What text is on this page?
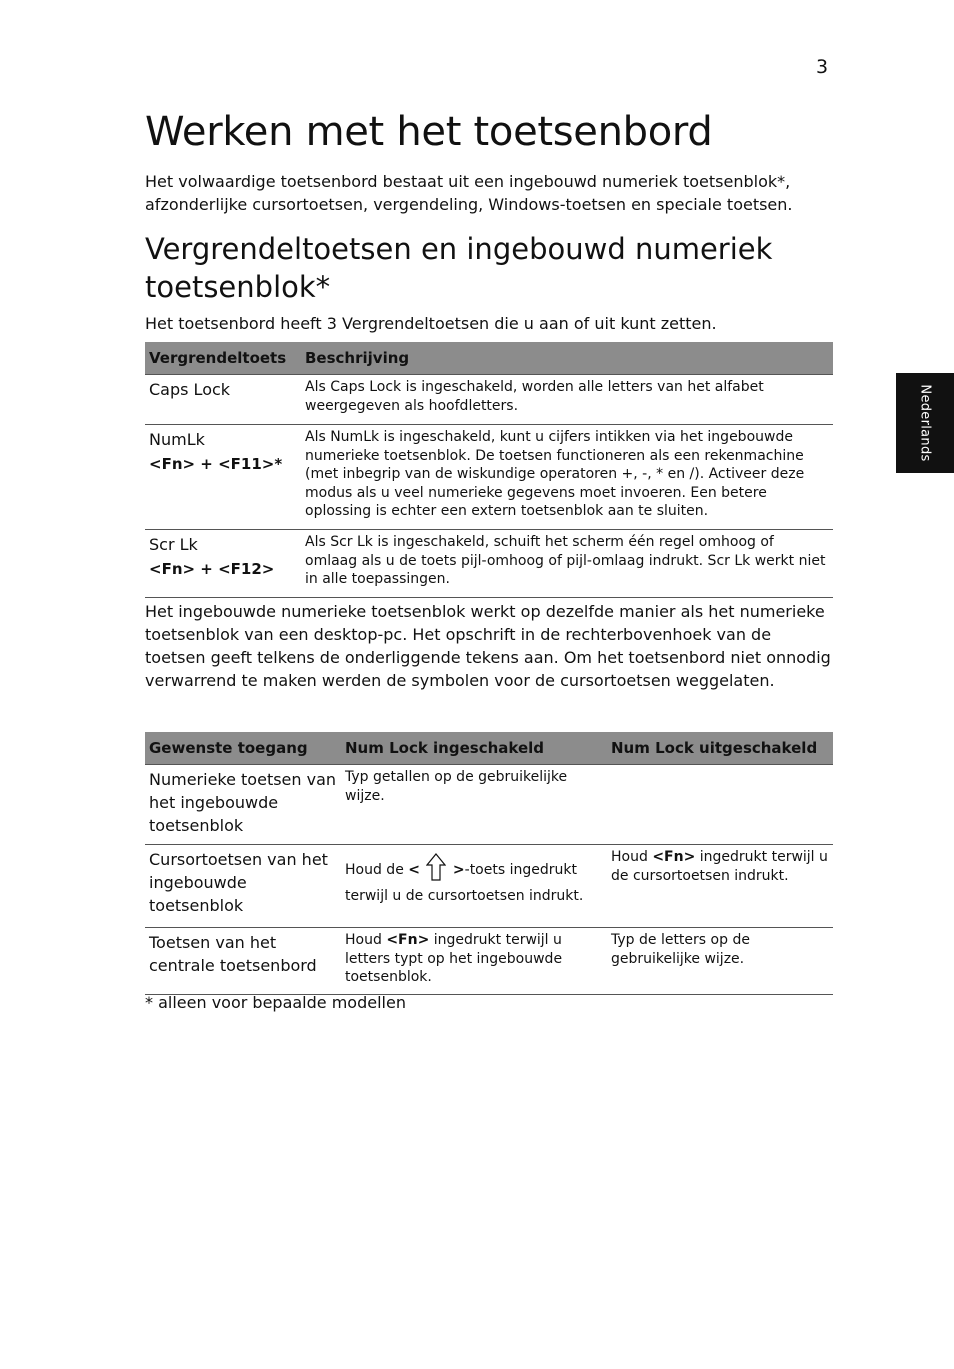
3
Nederlands
Werken met het toetsenbord

Het volwaardige toetsenbord bestaat uit een ingebouwd numeriek toetsenblok*, afzonderlijke cursortoetsen, vergendeling, Windows-toetsen en speciale toetsen.

Vergrendeltoetsen en ingebouwd numeriek toetsenblok*

Het toetsenbord heeft 3 Vergrendeltoetsen die u aan of uit kunt zetten.

Vergrendeltoets	Beschrijving
Caps Lock	Als Caps Lock is ingeschakeld, worden alle letters van het alfabet weergegeven als hoofdletters.
NumLk
<Fn> + <F11>*	Als NumLk is ingeschakeld, kunt u cijfers intikken via het ingebouwde numerieke toetsenblok. De toetsen functioneren als een rekenmachine (met inbegrip van de wiskundige operatoren +, -, * en /). Activeer deze modus als u veel numerieke gegevens moet invoeren. Een betere oplossing is echter een extern toetsenblok aan te sluiten.
Scr Lk
<Fn> + <F12>	Als Scr Lk is ingeschakeld, schuift het scherm één regel omhoog of omlaag als u de toets pijl-omhoog of pijl-omlaag indrukt. Scr Lk werkt niet in alle toepassingen.

Het ingebouwde numerieke toetsenblok werkt op dezelfde manier als het numerieke toetsenblok van een desktop-pc. Het opschrift in de rechterbovenhoek van de toetsen geeft telkens de onderliggende tekens aan. Om het toetsenbord niet onnodig verwarrend te maken werden de symbolen voor de cursortoetsen weggelaten.

Gewenste toegang	Num Lock ingeschakeld	Num Lock uitgeschakeld
Numerieke toetsen van het ingebouwde toetsenblok	Typ getallen op de gebruikelijke wijze.	
Cursortoetsen van het ingebouwde toetsenblok	Houd de < >-toets ingedrukt terwijl u de cursortoetsen indrukt.	Houd <Fn> ingedrukt terwijl u de cursortoetsen indrukt.
Toetsen van het centrale toetsenbord	Houd <Fn> ingedrukt terwijl u letters typt op het ingebouwde toetsenblok.	Typ de letters op de gebruikelijke wijze.

* alleen voor bepaalde modellen
